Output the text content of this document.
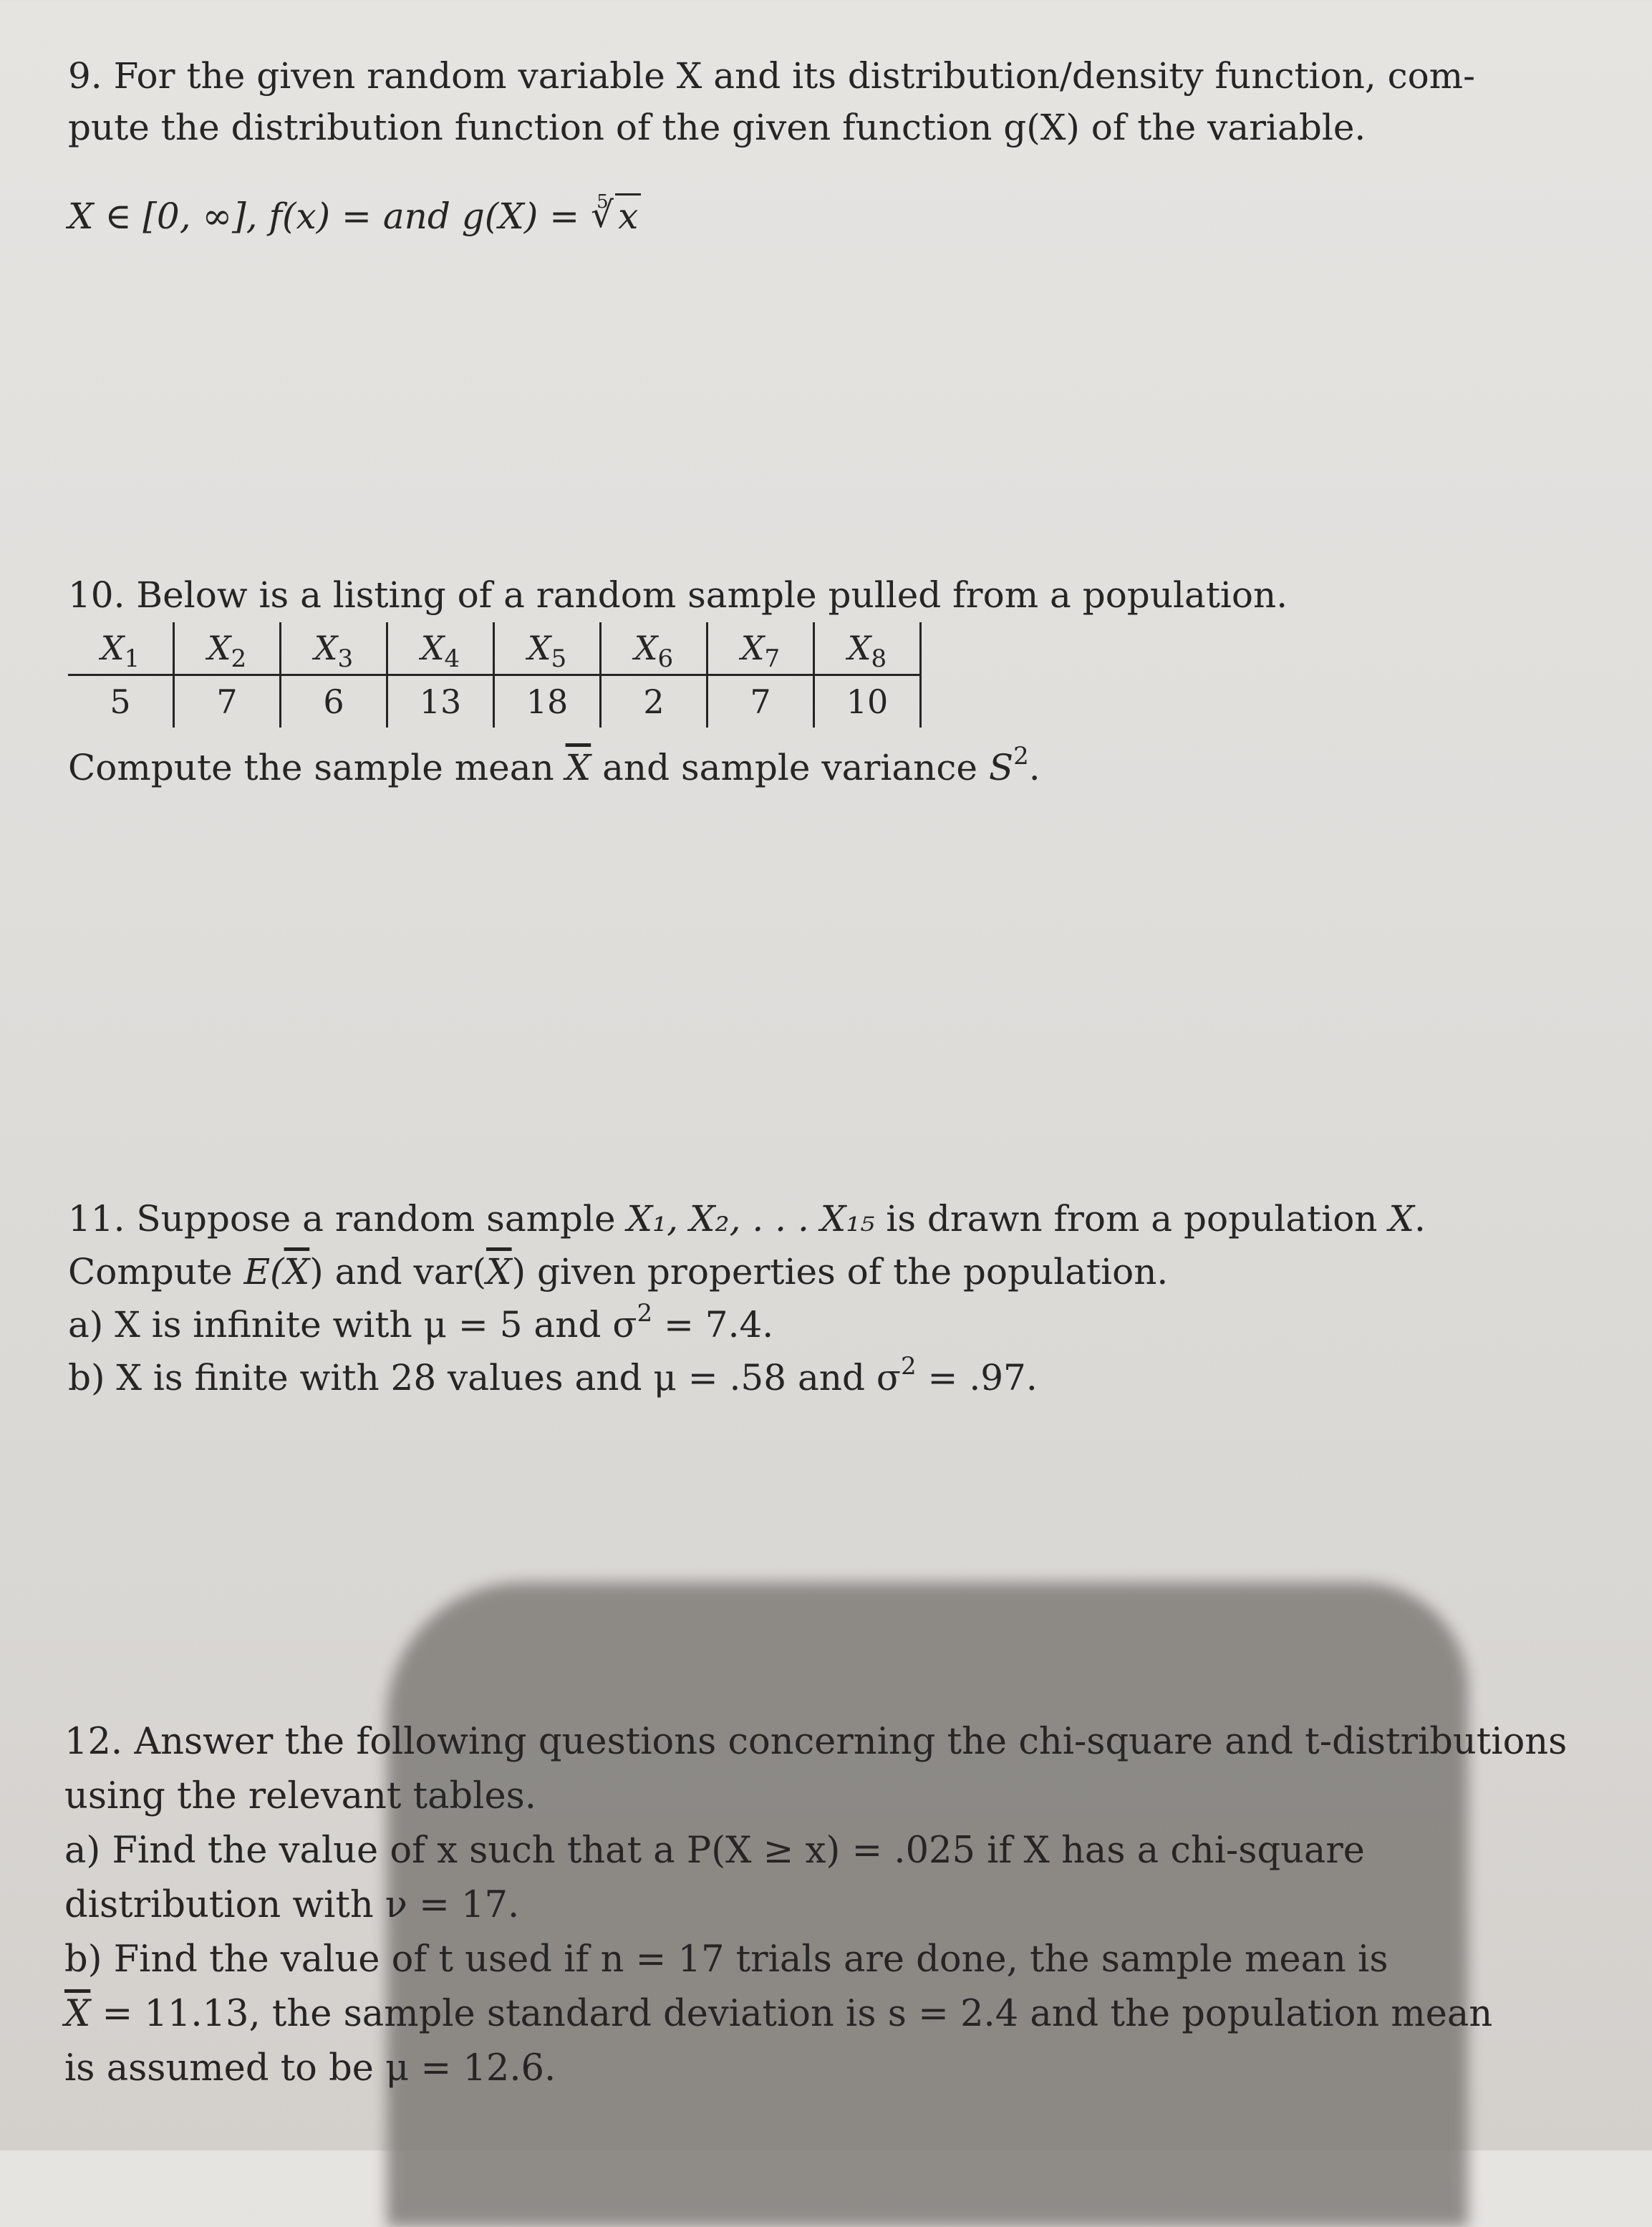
9. For the given random variable X and its distribution/density function, com-
pute the distribution function of the given function g(X) of the variable.
X ∈ [0, ∞], f(x) = and g(X) = √ 5 x
10. Below is a listing of a random sample pulled from a population.
$X_1$	$X_2$	$X_3$	$X_4$	$X_5$	$X_6$	$X_7$	$X_8$
5	7	6	13	18	2	7	10
Compute the sample mean $\overline{X}$ and sample variance $S^2$.
11. Suppose a random sample X₁, X₂, . . . X₁₅ is drawn from a population X.
Compute $E(\overline{X})$ and $var(\overline{X})$ given properties of the population.
a) X is infinite with μ = 5 and $\sigma^2 = 7.4$.
b) X is finite with 28 values and μ = .58 and $\sigma^2 = .97$.
12. Answer the following questions concerning the chi-square and t-distributions
using the relevant tables.
a) Find the value of x such that a P(X ≥ x) = .025 if X has a chi-square
distribution with ν = 17.
b) Find the value of t used if n = 17 trials are done, the sample mean is
$\overline{X} = 11.13$, the sample standard deviation is s = 2.4 and the population mean
is assumed to be μ = 12.6.
